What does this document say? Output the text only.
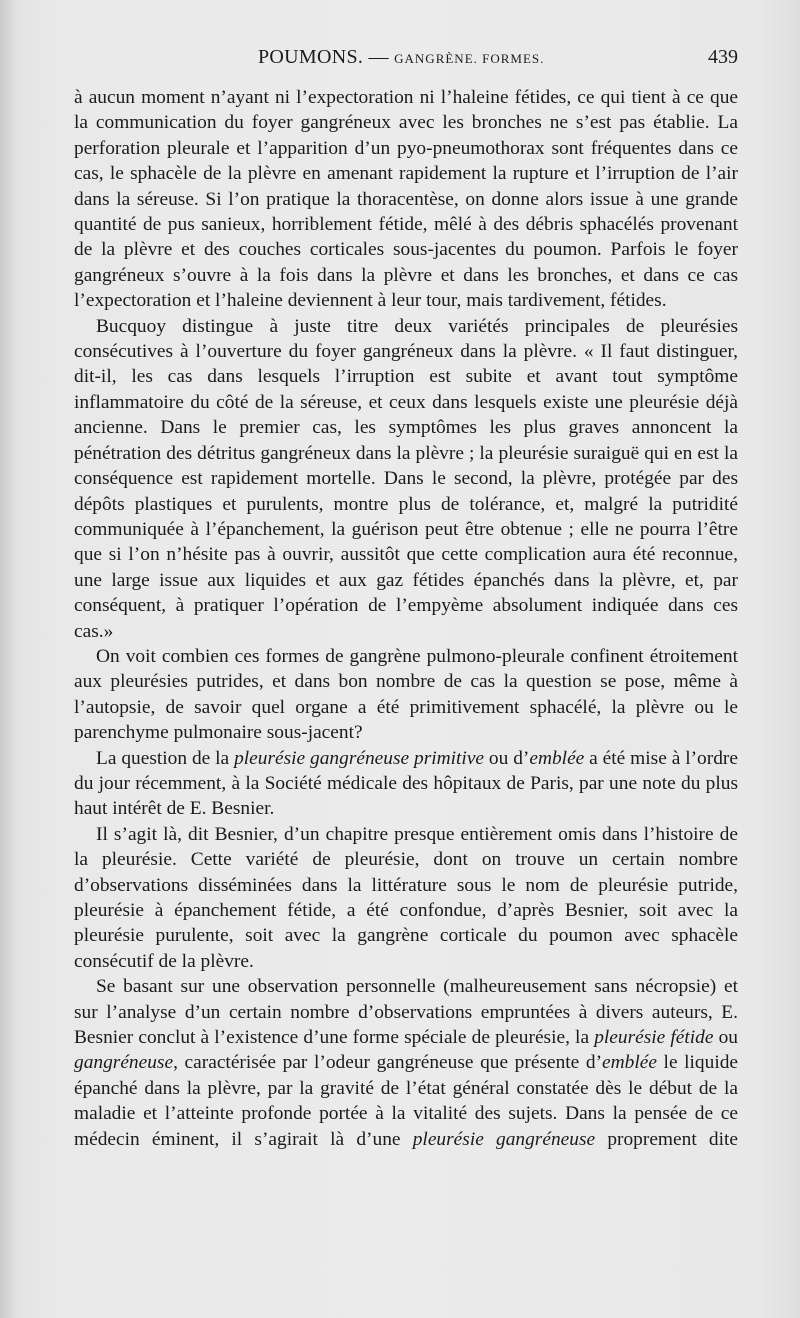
POUMONS. — GANGRÈNE. FORMES.	439

à aucun moment n’ayant ni l’expectoration ni l’haleine fétides, ce qui tient à ce que la communication du foyer gangréneux avec les bronches ne s’est pas établie. La perforation pleurale et l’apparition d’un pyo-pneumothorax sont fréquentes dans ce cas, le sphacèle de la plèvre en amenant rapidement la rupture et l’irruption de l’air dans la séreuse. Si l’on pratique la thoracentèse, on donne alors issue à une grande quantité de pus sanieux, horriblement fétide, mêlé à des débris sphacélés provenant de la plèvre et des couches corticales sous-jacentes du poumon. Parfois le foyer gangréneux s’ouvre à la fois dans la plèvre et dans les bronches, et dans ce cas l’expectoration et l’haleine deviennent à leur tour, mais tardivement, fétides.

Bucquoy distingue à juste titre deux variétés principales de pleurésies consécutives à l’ouverture du foyer gangréneux dans la plèvre. « Il faut distinguer, dit-il, les cas dans lesquels l’irruption est subite et avant tout symptôme inflammatoire du côté de la séreuse, et ceux dans lesquels existe une pleurésie déjà ancienne. Dans le premier cas, les symptômes les plus graves annoncent la pénétration des détritus gangréneux dans la plèvre ; la pleurésie suraiguë qui en est la conséquence est rapidement mortelle. Dans le second, la plèvre, protégée par des dépôts plastiques et purulents, montre plus de tolérance, et, malgré la putridité communiquée à l’épanchement, la guérison peut être obtenue ; elle ne pourra l’être que si l’on n’hésite pas à ouvrir, aussitôt que cette complication aura été reconnue, une large issue aux liquides et aux gaz fétides épanchés dans la plèvre, et, par conséquent, à pratiquer l’opération de l’empyème absolument indiquée dans ces cas.»

On voit combien ces formes de gangrène pulmono-pleurale confinent étroitement aux pleurésies putrides, et dans bon nombre de cas la question se pose, même à l’autopsie, de savoir quel organe a été primitivement sphacélé, la plèvre ou le parenchyme pulmonaire sous-jacent?

La question de la pleurésie gangréneuse primitive ou d’emblée a été mise à l’ordre du jour récemment, à la Société médicale des hôpitaux de Paris, par une note du plus haut intérêt de E. Besnier.

Il s’agit là, dit Besnier, d’un chapitre presque entièrement omis dans l’histoire de la pleurésie. Cette variété de pleurésie, dont on trouve un certain nombre d’observations disséminées dans la littérature sous le nom de pleurésie putride, pleurésie à épanchement fétide, a été confondue, d’après Besnier, soit avec la pleurésie purulente, soit avec la gangrène corticale du poumon avec sphacèle consécutif de la plèvre.

Se basant sur une observation personnelle (malheureusement sans nécropsie) et sur l’analyse d’un certain nombre d’observations empruntées à divers auteurs, E. Besnier conclut à l’existence d’une forme spéciale de pleurésie, la pleurésie fétide ou gangréneuse, caractérisée par l’odeur gangréneuse que présente d’emblée le liquide épanché dans la plèvre, par la gravité de l’état général constatée dès le début de la maladie et l’atteinte profonde portée à la vitalité des sujets. Dans la pensée de ce médecin éminent, il s’agirait là d’une pleurésie gangréneuse proprement dite
